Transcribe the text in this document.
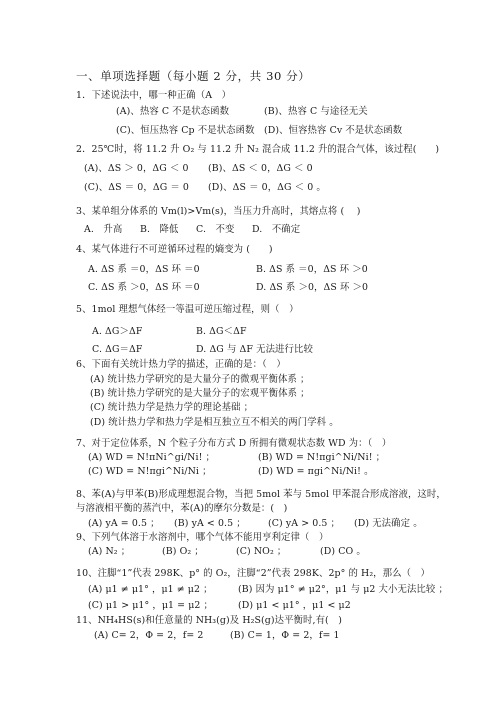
一、单项选择题（每小题 2 分，共 30 分）
1．下述说法中，哪一种正确（A　）
(A)、热容 C 不是状态函数	(B)、热容 C 与途径无关
(C)、恒压热容 Cp 不是状态函数 (D)、恒容热容 Cv 不是状态函数
2．25℃时，将 11.2 升 O₂ 与 11.2 升 N₂ 混合成 11.2 升的混合气体，该过程(　　)
(A)、ΔS ＞ 0，ΔG ＜ 0 (B)、ΔS ＜ 0，ΔG ＜ 0
(C)、ΔS ＝ 0，ΔG ＝ 0 (D)、ΔS ＝ 0，ΔG ＜ 0 。
3、某单组分体系的 Vm(l)>Vm(s)，当压力升高时，其熔点将 (　 )
A.　升高 B.　降低 C.　不变 D.　不确定
4、某气体进行不可逆循环过程的熵变为 (　　)
A. ΔS 系 ＝0，ΔS 环 ＝0	B. ΔS 系 ＝0，ΔS 环 ＞0
C. ΔS 系 ＞0，ΔS 环 ＝0	D. ΔS 系 ＞0，ΔS 环 ＞0
5、1mol 理想气体经一等温可逆压缩过程，则（　）
A. ΔG＞ΔF	B. ΔG＜ΔF
C. ΔG＝ΔF	D. ΔG 与 ΔF 无法进行比较
6、下面有关统计热力学的描述，正确的是：（　）
(A) 统计热力学研究的是大量分子的微观平衡体系 ；
(B) 统计热力学研究的是大量分子的宏观平衡体系 ；
(C) 统计热力学是热力学的理论基础 ；
(D) 统计热力学和热力学是相互独立互不相关的两门学科 。
7、对于定位体系，N 个粒子分布方式 D 所拥有微观状态数 WD 为：（　）
(A) WD = N!πNi^gi/Ni! ；	(B) WD = N!πgi^Ni/Ni! ；
(C) WD = N!πgi^Ni/Ni ；	(D) WD = πgi^Ni/Ni! 。
8、苯(A)与甲苯(B)形成理想混合物，当把 5mol 苯与 5mol 甲苯混合形成溶液，这时，
与溶液相平衡的蒸汽中，苯(A)的摩尔分数是：(　)
(A) yA = 0.5 ； (B) yA < 0.5 ； (C) yA > 0.5 ； (D) 无法确定 。
9、下列气体溶于水溶剂中，哪个气体不能用亨利定律（　）
(A) N₂ ；	(B) O₂ ；	(C) NO₂ ；	(D) CO 。
10、注脚“1”代表 298K、p° 的 O₂，注脚“2”代表 298K、2p° 的 H₂，那么（　）
(A) μ1 ≠ μ1° ，μ1 ≠ μ2 ；	(B) 因为 μ1° ≠ μ2°，μ1 与 μ2 大小无法比较 ；
(C) μ1 > μ1° ，μ1 = μ2 ；	(D) μ1 < μ1° ，μ1 < μ2
11、NH₄HS(s)和任意量的 NH₃(g)及 H₂S(g)达平衡时,有(　)
(A) C= 2，Φ = 2，f= 2	(B) C= 1，Φ = 2，f= 1
